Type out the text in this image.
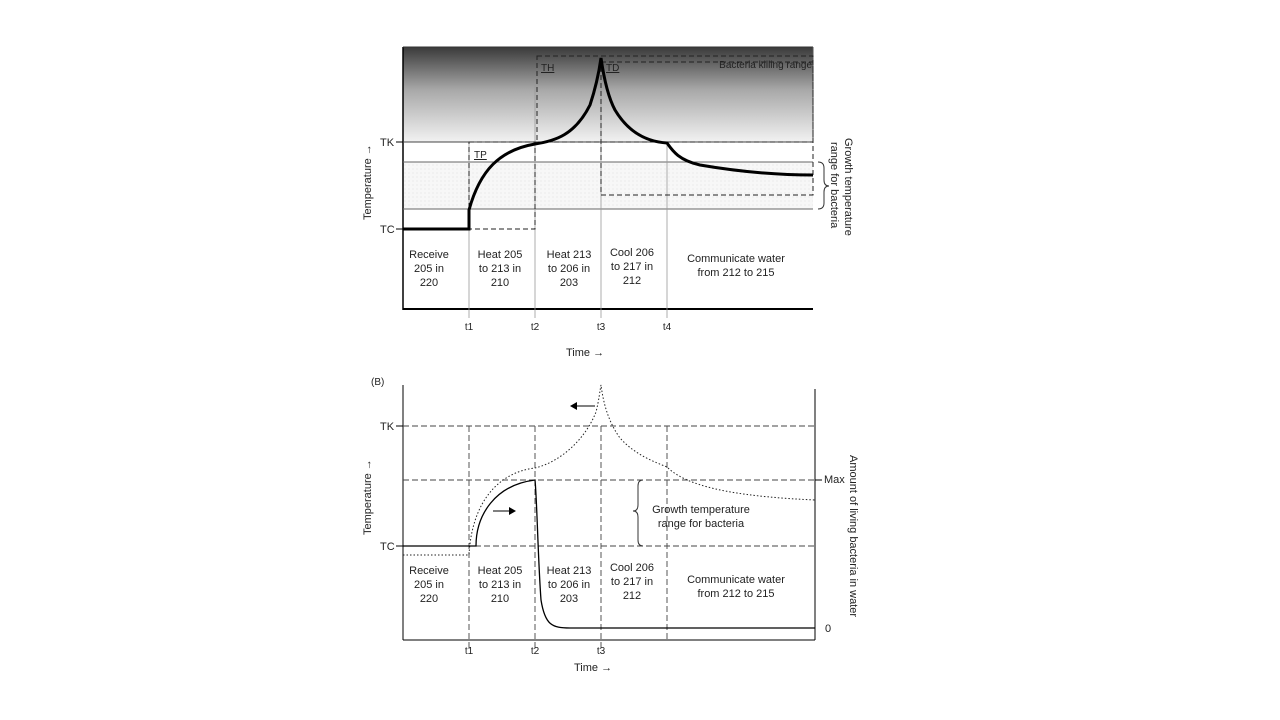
TK
TC
TH	TD
TP
Bacteria killing range
Temperature →
Time →
Growth temperature
range for bacteria
t1	t2	t3	t4
Receive
205 in
220
Heat 205
to 213 in
210
Heat 213
to 206 in
203
Cool 206
to 217 in
212
Communicate water
from 212 to 215
(B)
Growth temperature
range for bacteria
TK
TC
Max
0
Temperature →	Amount of living bacteria in water
Time →
t1	t2	t3
Receive
205 in
220
Heat 205
to 213 in
210
Heat 213
to 206 in
203
Cool 206
to 217 in
212
Communicate water
from 212 to 215
